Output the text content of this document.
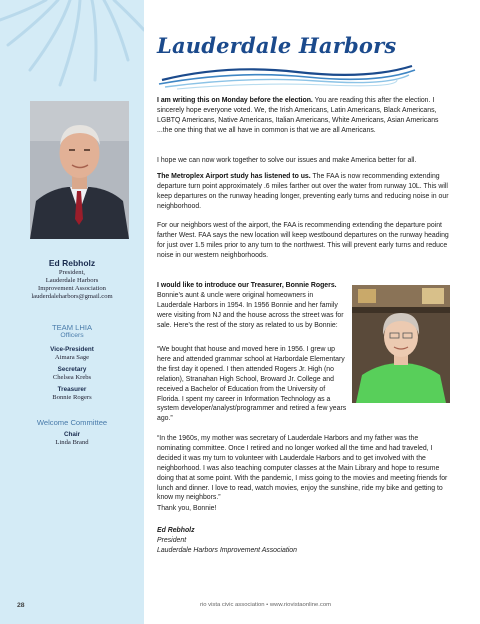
Ed Rebholz
President,
Lauderdale Harbors
Improvement Association
lauderdaleharbors@gmail.com
TEAM LHIA
Officers
Vice-President
Aimara Sage
Secretary
Chelsea Krebs
Treasurer
Bonnie Rogers
Welcome Committee
Chair
Linda Brand
Lauderdale Harbors
I am writing this on Monday before the election. You are reading this after the election. I sincerely hope everyone voted. We, the Irish Americans, Latin Americans, Black Americans, LGBTQ Americans, Native Americans, Italian Americans, White Americans, Asian Americans ...the one thing that we all have in common is that we are all Americans.
I hope we can now work together to solve our issues and make America better for all.
The Metroplex Airport study has listened to us. The FAA is now recommending extending departure turn point approximately .6 miles farther out over the water from runway 10L. This will keep departures on the runway heading longer, preventing early turns and reducing noise in our neighborhood.
For our neighbors west of the airport, the FAA is recommending extending the departure point farther West. FAA says the new location will keep westbound departures on the runway heading for just over 1.5 miles prior to any turn to the northwest. This will prevent early turns and reduce noise in our western neighborhoods.
I would like to introduce our Treasurer, Bonnie Rogers. Bonnie’s aunt & uncle were original homeowners in Lauderdale Harbors in 1954. In 1956 Bonnie and her family were visiting from NJ and the house across the street was for sale. Here’s the rest of the story as related to us by Bonnie:
“We bought that house and moved here in 1956. I grew up here and attended grammar school at Harbordale Elementary the first day it opened. I then attended Rogers Jr. High (no relation), Stranahan High School, Broward Jr. College and received a Bachelor of Education from the University of Florida. I spent my career in Information Technology as a system developer/analyst/programmer and retired a few years ago.”
“In the 1960s, my mother was secretary of Lauderdale Harbors and my father was the nominating committee. Once I retired and no longer worked all the time and had traveled, I decided it was my turn to volunteer with Lauderdale Harbors and to get involved with the neighborhood. I was also teaching computer classes at the Main Library and hope to resume doing that at some point. With the pandemic, I miss going to the movies and meeting friends for lunch and dinner. I love to read, watch movies, enjoy the sunshine, ride my bike and getting to know my neighbors.”
Thank you, Bonnie!
Ed Rebholz
President
Lauderdale Harbors Improvement Association
28	rio vista civic association • www.riovistaonline.com
